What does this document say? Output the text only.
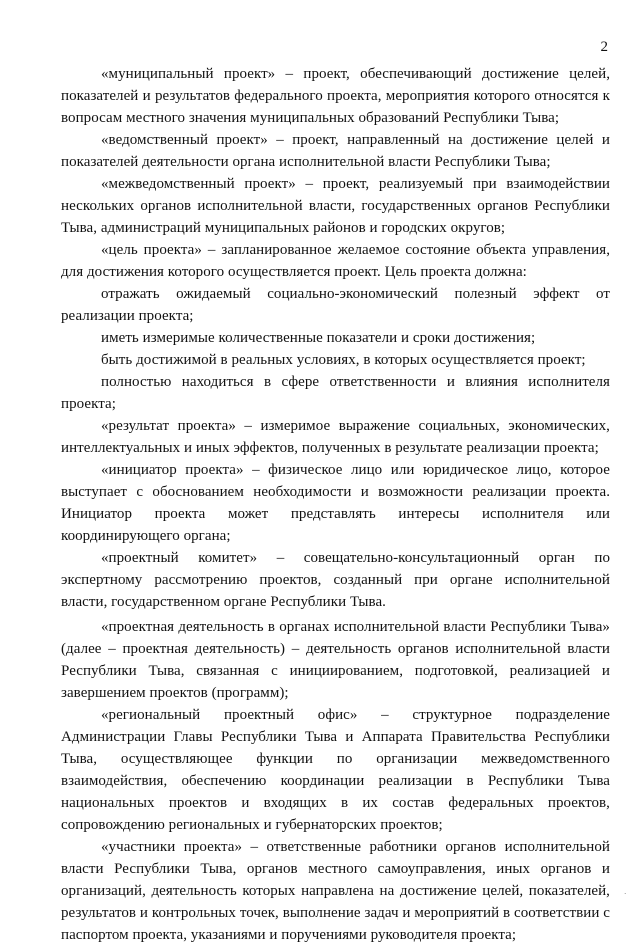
2

«муниципальный проект» – проект, обеспечивающий достижение целей, показателей и результатов федерального проекта, мероприятия которого относятся к вопросам местного значения муниципальных образований Республики Тыва;

«ведомственный проект» – проект, направленный на достижение целей и показателей деятельности органа исполнительной власти Республики Тыва;

«межведомственный проект» – проект, реализуемый при взаимодействии нескольких органов исполнительной власти, государственных органов Республики Тыва, администраций муниципальных районов и городских округов;

«цель проекта» – запланированное желаемое состояние объекта управления, для достижения которого осуществляется проект. Цель проекта должна:

отражать ожидаемый социально-экономический полезный эффект от реализации проекта;

иметь измеримые количественные показатели и сроки достижения;

быть достижимой в реальных условиях, в которых осуществляется проект;

полностью находиться в сфере ответственности и влияния исполнителя проекта;

«результат проекта» – измеримое выражение социальных, экономических, интеллектуальных и иных эффектов, полученных в результате реализации проекта;

«инициатор проекта» – физическое лицо или юридическое лицо, которое выступает с обоснованием необходимости и возможности реализации проекта. Инициатор проекта может представлять интересы исполнителя или координирующего органа;

«проектный комитет» – совещательно-консультационный орган по экспертному рассмотрению проектов, созданный при органе исполнительной власти, государственном органе Республики Тыва.

«проектная деятельность в органах исполнительной власти Республики Тыва» (далее – проектная деятельность) – деятельность органов исполнительной власти Республики Тыва, связанная с инициированием, подготовкой, реализацией и завершением проектов (программ);

«региональный проектный офис» – структурное подразделение Администрации Главы Республики Тыва и Аппарата Правительства Республики Тыва, осуществляющее функции по организации межведомственного взаимодействия, обеспечению координации реализации в Республики Тыва национальных проектов и входящих в их состав федеральных проектов, сопровождению региональных и губернаторских проектов;

«участники проекта» – ответственные работники органов исполнительной власти Республики Тыва, органов местного самоуправления, иных органов и организаций, деятельность которых направлена на достижение целей, показателей, результатов и контрольных точек, выполнение задач и мероприятий в соответствии с паспортом проекта, указаниями и поручениями руководителя проекта;

·
